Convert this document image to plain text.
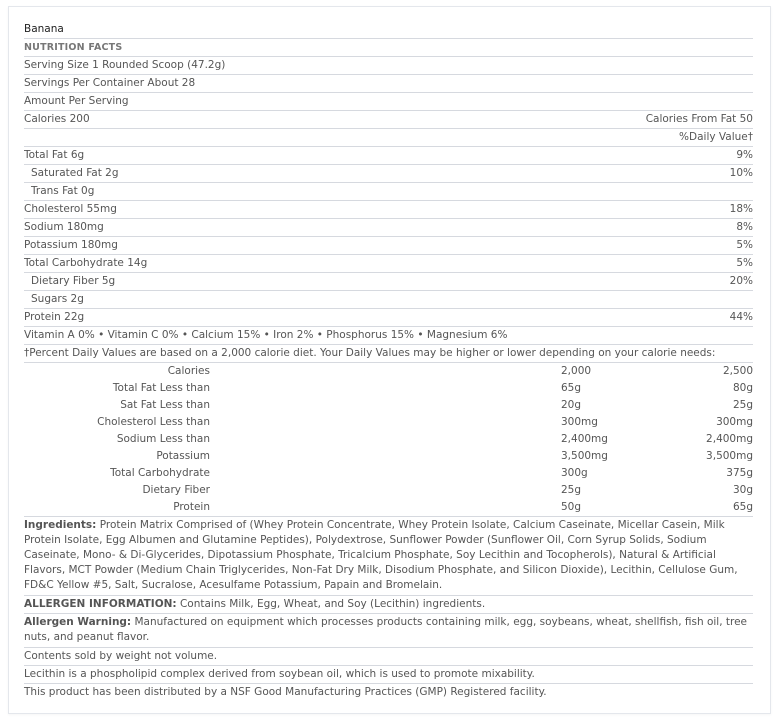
Banana
NUTRITION FACTS
Serving Size 1 Rounded Scoop (47.2g)
Servings Per Container About 28
Amount Per Serving
Calories 200	Calories From Fat 50
%Daily Value†
Total Fat 6g	9%
Saturated Fat 2g	10%
Trans Fat 0g
Cholesterol 55mg	18%
Sodium 180mg	8%
Potassium 180mg	5%
Total Carbohydrate 14g	5%
Dietary Fiber 5g	20%
Sugars 2g
Protein 22g	44%
Vitamin A 0% • Vitamin C 0% • Calcium 15% • Iron 2% • Phosphorus 15% • Magnesium 6%
†Percent Daily Values are based on a 2,000 calorie diet. Your Daily Values may be higher or lower depending on your calorie needs:
Calories	2,000	2,500
Total Fat Less than	65g	80g
Sat Fat Less than	20g	25g
Cholesterol Less than	300mg	300mg
Sodium Less than	2,400mg	2,400mg
Potassium	3,500mg	3,500mg
Total Carbohydrate	300g	375g
Dietary Fiber	25g	30g
Protein	50g	65g
Ingredients: Protein Matrix Comprised of (Whey Protein Concentrate, Whey Protein Isolate, Calcium Caseinate, Micellar Casein, Milk Protein Isolate, Egg Albumen and Glutamine Peptides), Polydextrose, Sunflower Powder (Sunflower Oil, Corn Syrup Solids, Sodium Caseinate, Mono- & Di-Glycerides, Dipotassium Phosphate, Tricalcium Phosphate, Soy Lecithin and Tocopherols), Natural & Artificial Flavors, MCT Powder (Medium Chain Triglycerides, Non-Fat Dry Milk, Disodium Phosphate, and Silicon Dioxide), Lecithin, Cellulose Gum, FD&C Yellow #5, Salt, Sucralose, Acesulfame Potassium, Papain and Bromelain.
ALLERGEN INFORMATION: Contains Milk, Egg, Wheat, and Soy (Lecithin) ingredients.
Allergen Warning: Manufactured on equipment which processes products containing milk, egg, soybeans, wheat, shellfish, fish oil, tree nuts, and peanut flavor.
Contents sold by weight not volume.
Lecithin is a phospholipid complex derived from soybean oil, which is used to promote mixability.
This product has been distributed by a NSF Good Manufacturing Practices (GMP) Registered facility.
